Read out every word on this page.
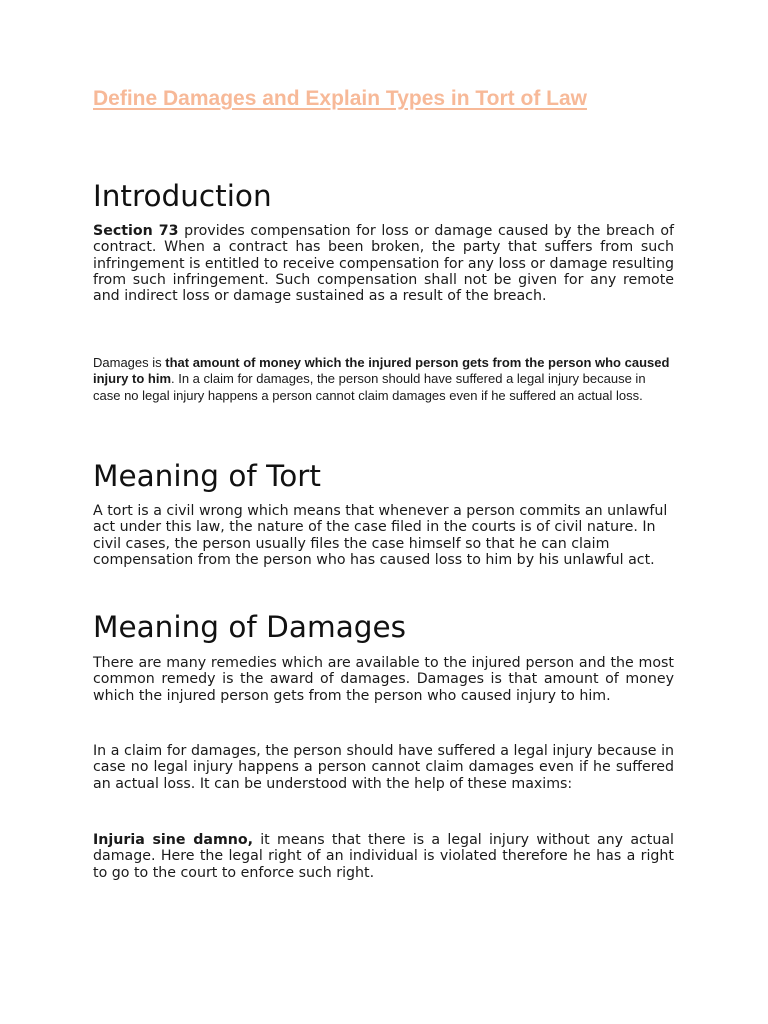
Define Damages and Explain Types in Tort of Law
Introduction

Section 73 provides compensation for loss or damage caused by the breach of contract. When a contract has been broken, the party that suffers from such infringement is entitled to receive compensation for any loss or damage resulting from such infringement. Such compensation shall not be given for any remote and indirect loss or damage sustained as a result of the breach.

Damages is that amount of money which the injured person gets from the person who caused injury to him. In a claim for damages, the person should have suffered a legal injury because in case no legal injury happens a person cannot claim damages even if he suffered an actual loss.

Meaning of Tort

A tort is a civil wrong which means that whenever a person commits an unlawful act under this law, the nature of the case filed in the courts is of civil nature. In civil cases, the person usually files the case himself so that he can claim compensation from the person who has caused loss to him by his unlawful act.

Meaning of Damages

There are many remedies which are available to the injured person and the most common remedy is the award of damages. Damages is that amount of money which the injured person gets from the person who caused injury to him.

In a claim for damages, the person should have suffered a legal injury because in case no legal injury happens a person cannot claim damages even if he suffered an actual loss. It can be understood with the help of these maxims:

Injuria sine damno, it means that there is a legal injury without any actual damage. Here the legal right of an individual is violated therefore he has a right to go to the court to enforce such right.
